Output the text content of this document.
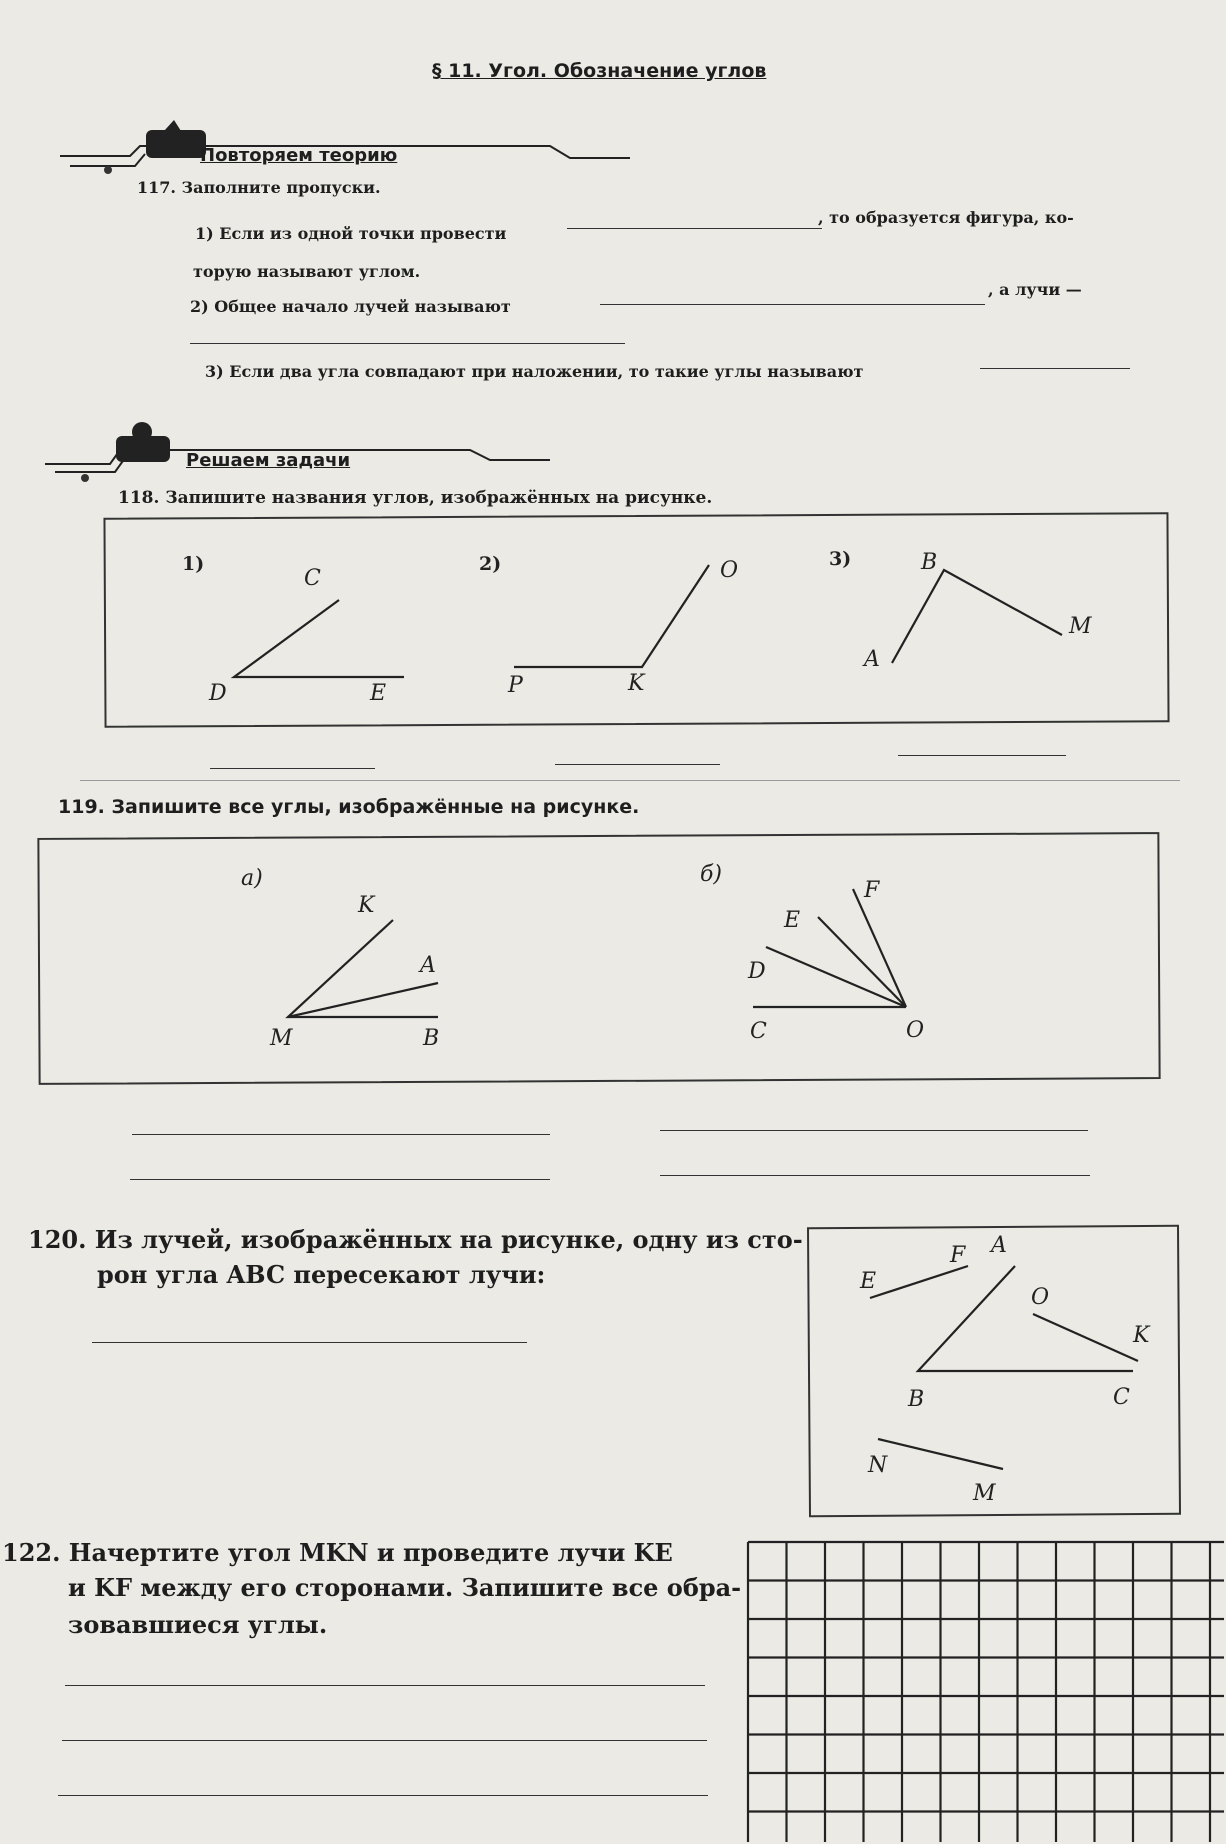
§ 11. Угол. Обозначение углов
Повторяем теорию
117. Заполните пропуски.
1) Если из одной точки провести
, то образуется фигура, ко-
торую называют углом.
2) Общее начало лучей называют
, а лучи —
3) Если два угла совпадают при наложении, то такие углы называют
Решаем задачи
118. Запишите названия углов, изображённых на рисунке.
1)
C
D	E
2)	O
P	K
3)	B
A
M
119. Запишите все углы, изображённые на рисунке.
а)
K
A
M	B
б)
F
E
D
C	O
120. Из лучей, изображённых на рисунке, одну из сто-
рон угла ABC пересекают лучи:	E
F A
O
K
B	C
N
M
122. Начертите угол MKN и проведите лучи KE
и KF между его сторонами. Запишите все обра-
зовавшиеся углы.
